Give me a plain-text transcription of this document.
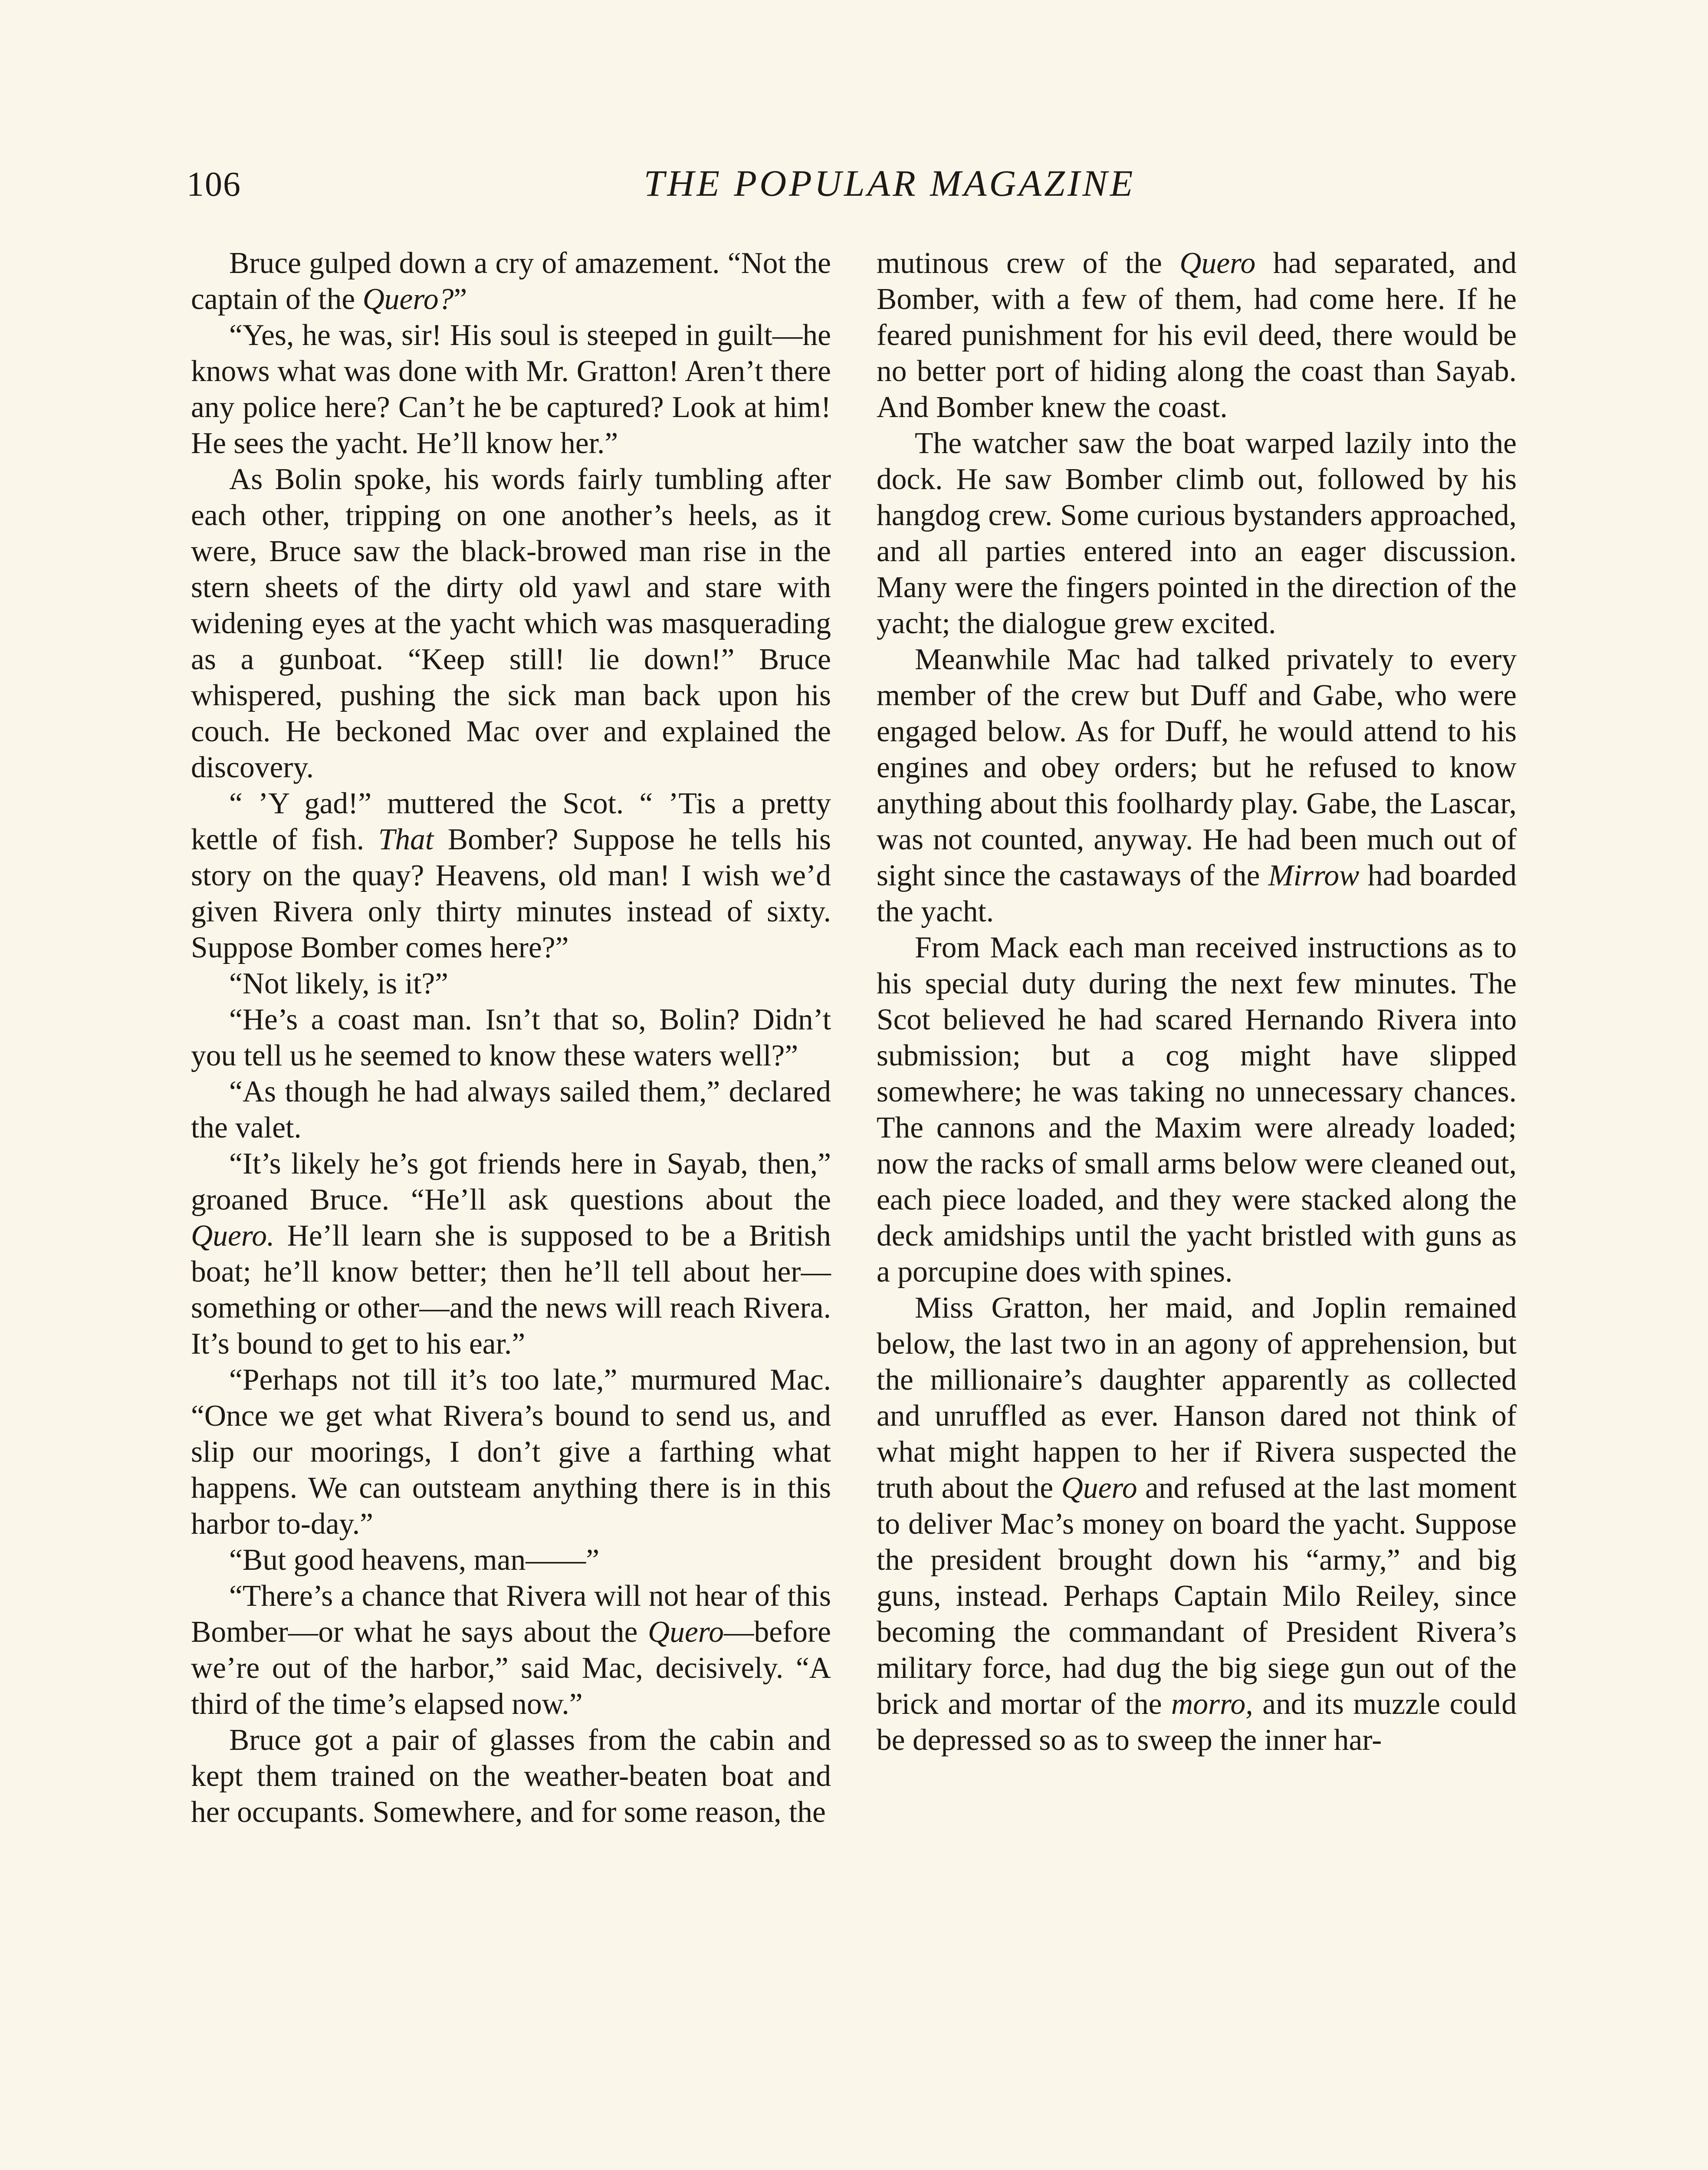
106	THE POPULAR MAGAZINE

Bruce gulped down a cry of amazement. “Not the captain of the Quero?”

“Yes, he was, sir! His soul is steeped in guilt—he knows what was done with Mr. Gratton! Aren’t there any police here? Can’t he be captured? Look at him! He sees the yacht. He’ll know her.”

As Bolin spoke, his words fairly tumbling after each other, tripping on one another’s heels, as it were, Bruce saw the black-browed man rise in the stern sheets of the dirty old yawl and stare with widening eyes at the yacht which was masquerading as a gunboat. “Keep still! lie down!” Bruce whispered, pushing the sick man back upon his couch. He beckoned Mac over and explained the discovery.

“ ’Y gad!” muttered the Scot. “ ’Tis a pretty kettle of fish. That Bomber? Suppose he tells his story on the quay? Heavens, old man! I wish we’d given Rivera only thirty minutes instead of sixty. Suppose Bomber comes here?”

“Not likely, is it?”

“He’s a coast man. Isn’t that so, Bolin? Didn’t you tell us he seemed to know these waters well?”

“As though he had always sailed them,” declared the valet.

“It’s likely he’s got friends here in Sayab, then,” groaned Bruce. “He’ll ask questions about the Quero. He’ll learn she is supposed to be a British boat; he’ll know better; then he’ll tell about her—something or other—and the news will reach Rivera. It’s bound to get to his ear.”

“Perhaps not till it’s too late,” murmured Mac. “Once we get what Rivera’s bound to send us, and slip our moorings, I don’t give a farthing what happens. We can outsteam anything there is in this harbor to-day.”

“But good heavens, man——”

“There’s a chance that Rivera will not hear of this Bomber—or what he says about the Quero—before we’re out of the harbor,” said Mac, decisively. “A third of the time’s elapsed now.”

Bruce got a pair of glasses from the cabin and kept them trained on the weather-beaten boat and her occupants. Somewhere, and for some reason, the

mutinous crew of the Quero had separated, and Bomber, with a few of them, had come here. If he feared punishment for his evil deed, there would be no better port of hiding along the coast than Sayab. And Bomber knew the coast.

The watcher saw the boat warped lazily into the dock. He saw Bomber climb out, followed by his hangdog crew. Some curious bystanders approached, and all parties entered into an eager discussion. Many were the fingers pointed in the direction of the yacht; the dialogue grew excited.

Meanwhile Mac had talked privately to every member of the crew but Duff and Gabe, who were engaged below. As for Duff, he would attend to his engines and obey orders; but he refused to know anything about this foolhardy play. Gabe, the Lascar, was not counted, anyway. He had been much out of sight since the castaways of the Mirrow had boarded the yacht.

From Mack each man received instructions as to his special duty during the next few minutes. The Scot believed he had scared Hernando Rivera into submission; but a cog might have slipped somewhere; he was taking no unnecessary chances. The cannons and the Maxim were already loaded; now the racks of small arms below were cleaned out, each piece loaded, and they were stacked along the deck amidships until the yacht bristled with guns as a porcupine does with spines.

Miss Gratton, her maid, and Joplin remained below, the last two in an agony of apprehension, but the millionaire’s daughter apparently as collected and unruffled as ever. Hanson dared not think of what might happen to her if Rivera suspected the truth about the Quero and refused at the last moment to deliver Mac’s money on board the yacht. Suppose the president brought down his “army,” and big guns, instead. Perhaps Captain Milo Reiley, since becoming the commandant of President Rivera’s military force, had dug the big siege gun out of the brick and mortar of the morro, and its muzzle could be depressed so as to sweep the inner har-
